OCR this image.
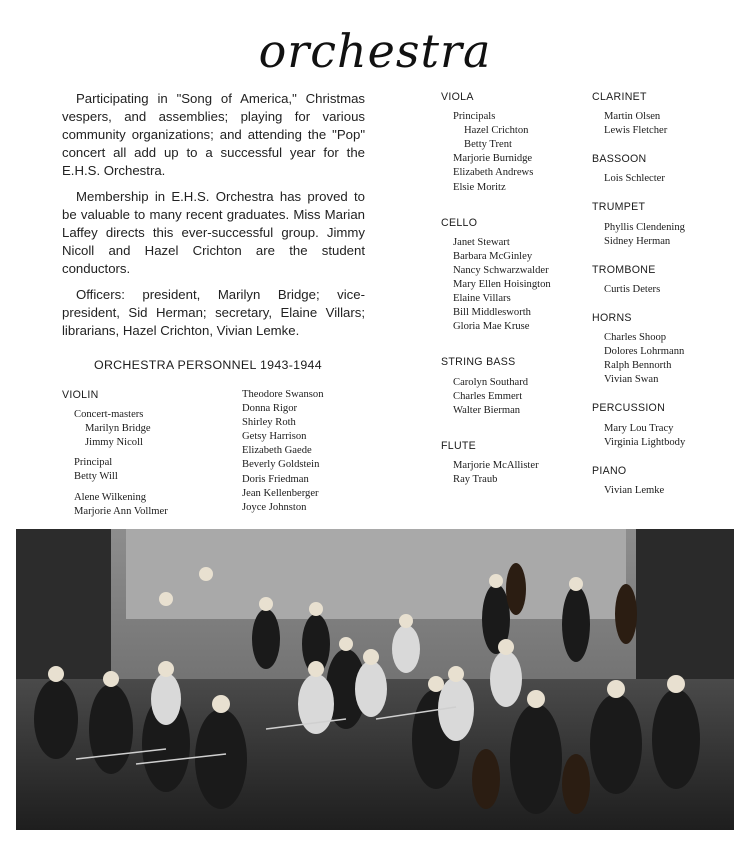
orchestra

Participating in "Song of America," Christmas vespers, and assemblies; playing for various community organizations; and attending the "Pop" concert all add up to a successful year for the E.H.S. Orchestra.

Membership in E.H.S. Orchestra has proved to be valuable to many recent graduates. Miss Marian Laffey directs this ever-successful group. Jimmy Nicoll and Hazel Crichton are the student conductors.

Officers: president, Marilyn Bridge; vice-president, Sid Herman; secretary, Elaine Villars; librarians, Hazel Crichton, Vivian Lemke.

ORCHESTRA PERSONNEL 1943-1944
VIOLIN
Concert-masters
Marilyn Bridge
Jimmy Nicoll
Principal
Betty Will
Alene Wilkening
Marjorie Ann Vollmer
Theodore Swanson
Donna Rigor
Shirley Roth
Getsy Harrison
Elizabeth Gaede
Beverly Goldstein
Doris Friedman
Jean Kellenberger
Joyce Johnston
VIOLA
Principals
Hazel Crichton
Betty Trent
Marjorie Burnidge
Elizabeth Andrews
Elsie Moritz
CELLO
Janet Stewart
Barbara McGinley
Nancy Schwarzwalder
Mary Ellen Hoisington
Elaine Villars
Bill Middlesworth
Gloria Mae Kruse
STRING BASS
Carolyn Southard
Charles Emmert
Walter Bierman
FLUTE
Marjorie McAllister
Ray Traub
CLARINET
Martin Olsen
Lewis Fletcher
BASSOON
Lois Schlecter
TRUMPET
Phyllis Clendening
Sidney Herman
TROMBONE
Curtis Deters
HORNS
Charles Shoop
Dolores Lohrmann
Ralph Bennorth
Vivian Swan
PERCUSSION
Mary Lou Tracy
Virginia Lightbody
PIANO
Vivian Lemke
